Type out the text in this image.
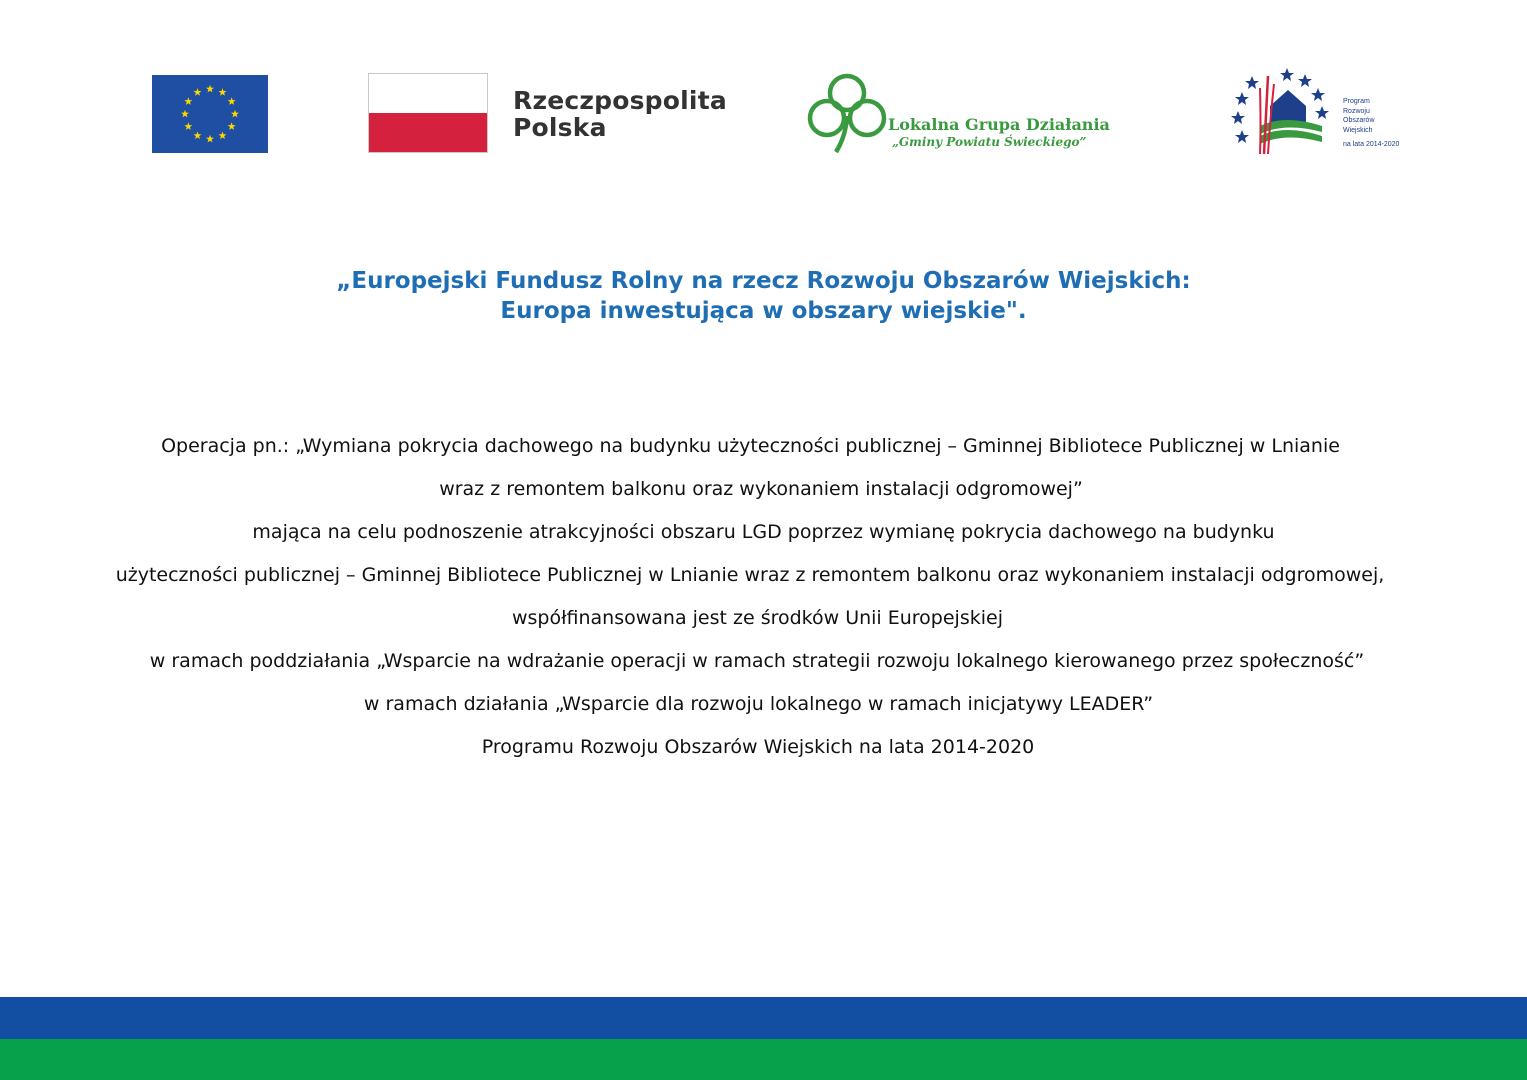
Rzeczpospolita
Polska	Lokalna Grupa Działania
„Gminy Powiatu Świeckiego”
Program
Rozwoju
Obszarów
Wiejskich
na lata 2014-2020
„Europejski Fundusz Rolny na rzecz Rozwoju Obszarów Wiejskich:
Europa inwestująca w obszary wiejskie".
Operacja pn.: „Wymiana pokrycia dachowego na budynku użyteczności publicznej – Gminnej Bibliotece Publicznej w Lnianie
wraz z remontem balkonu oraz wykonaniem instalacji odgromowej”
mająca na celu podnoszenie atrakcyjności obszaru LGD poprzez wymianę pokrycia dachowego na budynku
użyteczności publicznej – Gminnej Bibliotece Publicznej w Lnianie wraz z remontem balkonu oraz wykonaniem instalacji odgromowej,
współfinansowana jest ze środków Unii Europejskiej
w ramach poddziałania „Wsparcie na wdrażanie operacji w ramach strategii rozwoju lokalnego kierowanego przez społeczność”
w ramach działania „Wsparcie dla rozwoju lokalnego w ramach inicjatywy LEADER”
Programu Rozwoju Obszarów Wiejskich na lata 2014-2020
